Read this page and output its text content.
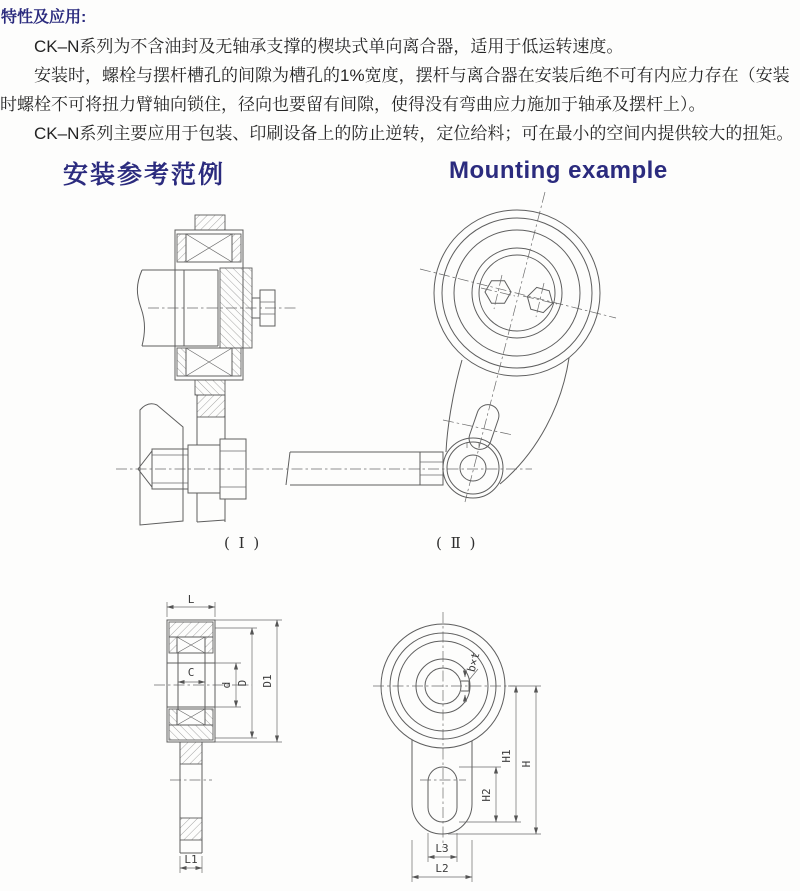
特性及应用:

CK–N系列为不含油封及无轴承支撑的楔块式单向离合器，适用于低运转速度。

安装时，螺栓与摆杆槽孔的间隙为槽孔的1%宽度，摆杆与离合器在安装后绝不可有内应力存在（安装时螺栓不可将扭力臂轴向锁住，径向也要留有间隙，使得没有弯曲应力施加于轴承及摆杆上）。

CK–N系列主要应用于包装、印刷设备上的防止逆转，定位给料；可在最小的空间内提供较大的扭矩。

安装参考范例	Mounting example
( Ⅰ )	( Ⅱ )
L
C
d D D1
L1
b×t
H2
H1
H
L3
L2
